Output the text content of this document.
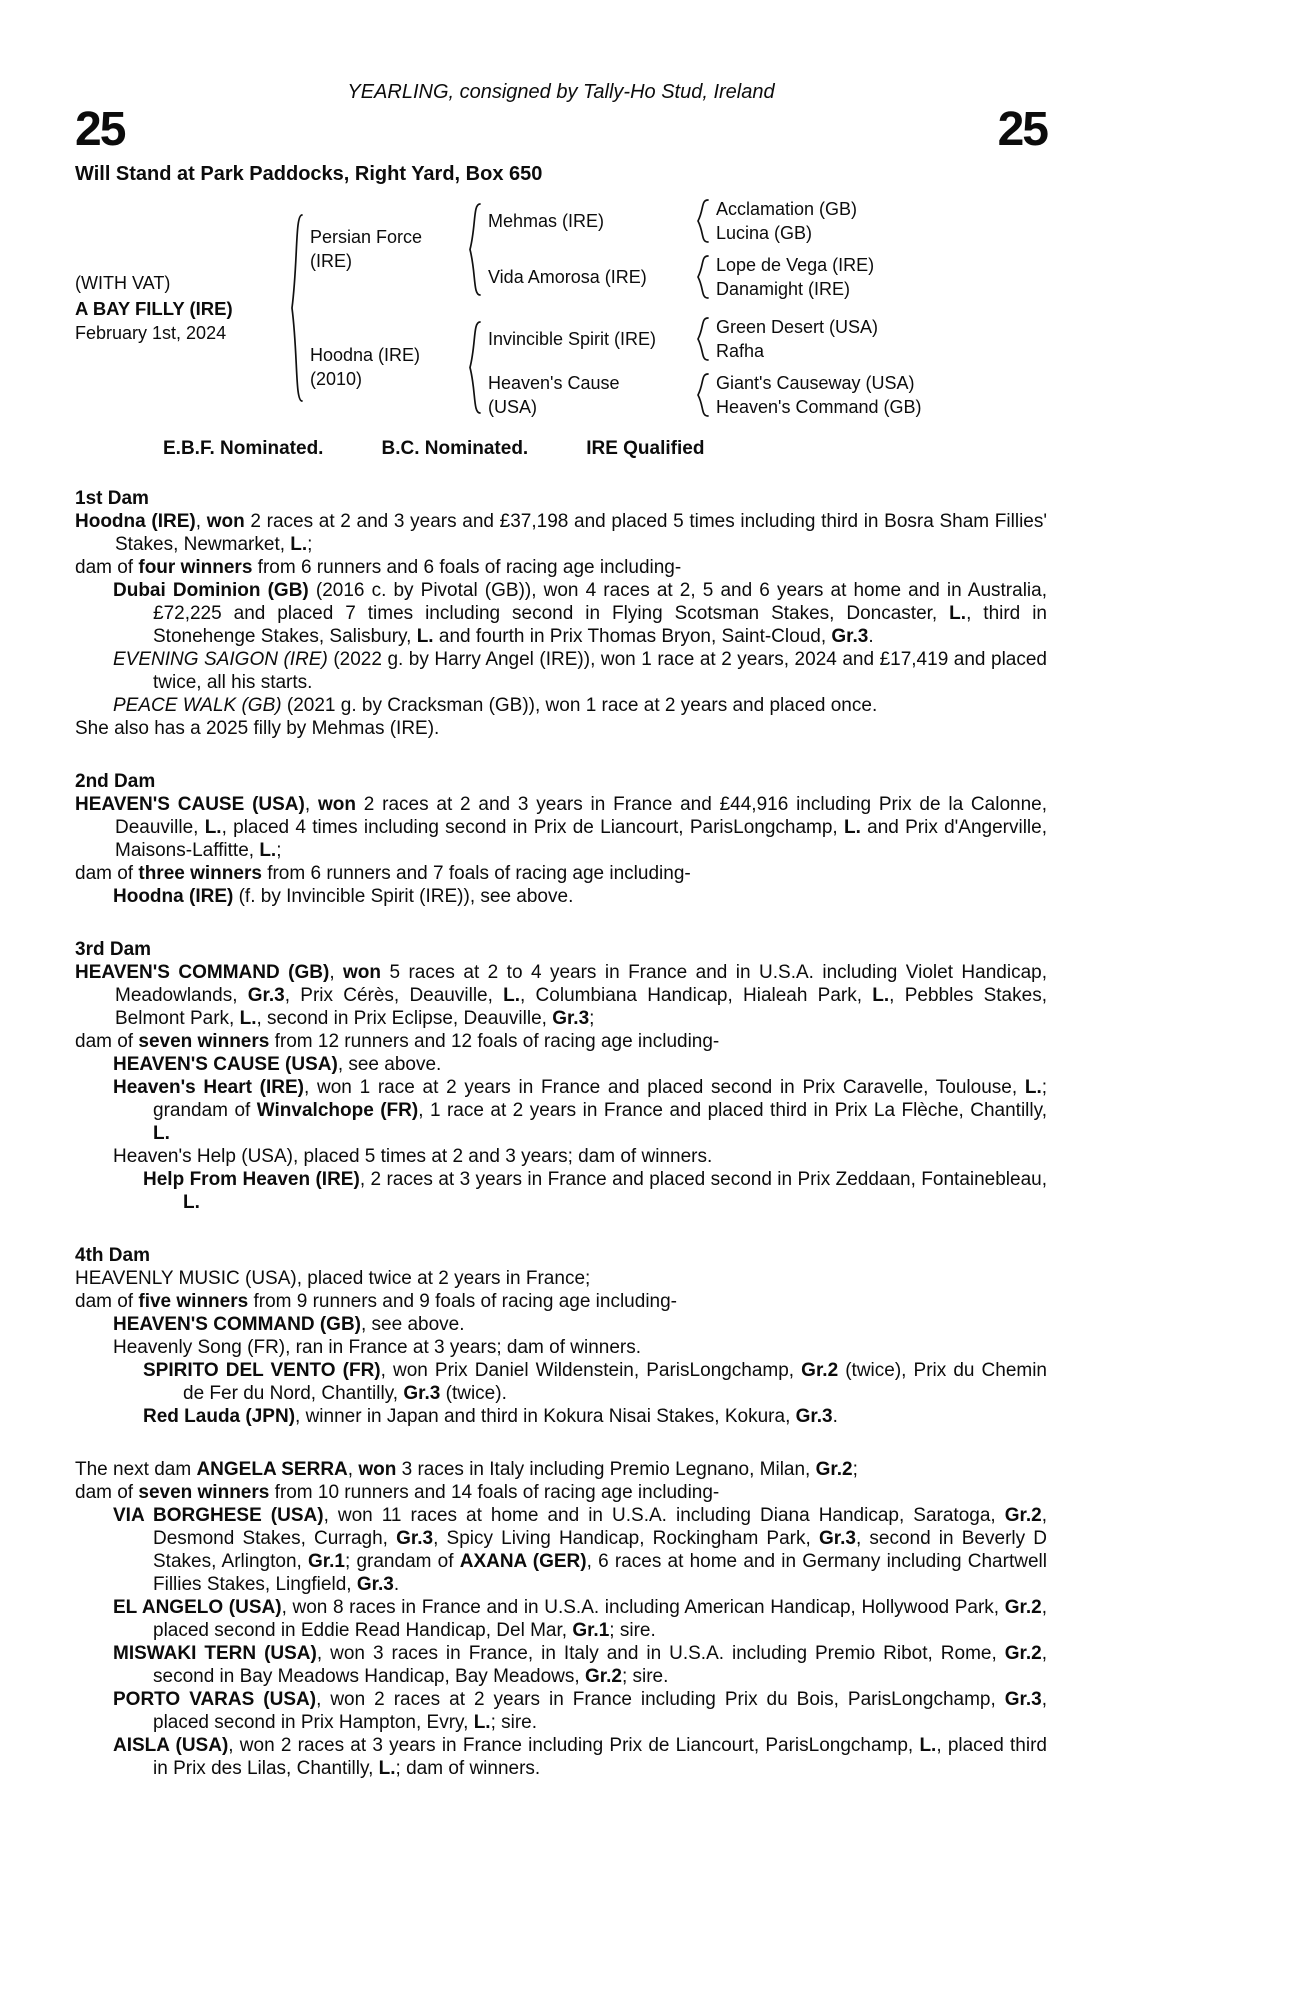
YEARLING, consigned by Tally-Ho Stud, Ireland
25	25
Will Stand at Park Paddocks, Right Yard, Box 650
(WITH VAT)
A BAY FILLY (IRE)
February 1st, 2024
Persian Force
(IRE)
Mehmas (IRE)
Acclamation (GB)
Lucina (GB)
Vida Amorosa (IRE)
Lope de Vega (IRE)
Danamight (IRE)
Hoodna (IRE)
(2010)
Invincible Spirit (IRE)
Green Desert (USA)
Rafha
Heaven's Cause
(USA)
Giant's Causeway (USA)
Heaven's Command (GB)
E.B.F. Nominated.	B.C. Nominated.	IRE Qualified
1st Dam

Hoodna (IRE), won 2 races at 2 and 3 years and £37,198 and placed 5 times including third in Bosra Sham Fillies' Stakes, Newmarket, L.;

dam of four winners from 6 runners and 6 foals of racing age including-

Dubai Dominion (GB) (2016 c. by Pivotal (GB)), won 4 races at 2, 5 and 6 years at home and in Australia, £72,225 and placed 7 times including second in Flying Scotsman Stakes, Doncaster, L., third in Stonehenge Stakes, Salisbury, L. and fourth in Prix Thomas Bryon, Saint-Cloud, Gr.3.

EVENING SAIGON (IRE) (2022 g. by Harry Angel (IRE)), won 1 race at 2 years, 2024 and £17,419 and placed twice, all his starts.

PEACE WALK (GB) (2021 g. by Cracksman (GB)), won 1 race at 2 years and placed once.

She also has a 2025 filly by Mehmas (IRE).

2nd Dam

HEAVEN'S CAUSE (USA), won 2 races at 2 and 3 years in France and £44,916 including Prix de la Calonne, Deauville, L., placed 4 times including second in Prix de Liancourt, ParisLongchamp, L. and Prix d'Angerville, Maisons-Laffitte, L.;

dam of three winners from 6 runners and 7 foals of racing age including-

Hoodna (IRE) (f. by Invincible Spirit (IRE)), see above.

3rd Dam

HEAVEN'S COMMAND (GB), won 5 races at 2 to 4 years in France and in U.S.A. including Violet Handicap, Meadowlands, Gr.3, Prix Cérès, Deauville, L., Columbiana Handicap, Hialeah Park, L., Pebbles Stakes, Belmont Park, L., second in Prix Eclipse, Deauville, Gr.3;

dam of seven winners from 12 runners and 12 foals of racing age including-

HEAVEN'S CAUSE (USA), see above.

Heaven's Heart (IRE), won 1 race at 2 years in France and placed second in Prix Caravelle, Toulouse, L.; grandam of Winvalchope (FR), 1 race at 2 years in France and placed third in Prix La Flèche, Chantilly, L.

Heaven's Help (USA), placed 5 times at 2 and 3 years; dam of winners.

Help From Heaven (IRE), 2 races at 3 years in France and placed second in Prix Zeddaan, Fontainebleau, L.

4th Dam

HEAVENLY MUSIC (USA), placed twice at 2 years in France;

dam of five winners from 9 runners and 9 foals of racing age including-

HEAVEN'S COMMAND (GB), see above.

Heavenly Song (FR), ran in France at 3 years; dam of winners.

SPIRITO DEL VENTO (FR), won Prix Daniel Wildenstein, ParisLongchamp, Gr.2 (twice), Prix du Chemin de Fer du Nord, Chantilly, Gr.3 (twice).

Red Lauda (JPN), winner in Japan and third in Kokura Nisai Stakes, Kokura, Gr.3.

The next dam ANGELA SERRA, won 3 races in Italy including Premio Legnano, Milan, Gr.2;

dam of seven winners from 10 runners and 14 foals of racing age including-

VIA BORGHESE (USA), won 11 races at home and in U.S.A. including Diana Handicap, Saratoga, Gr.2, Desmond Stakes, Curragh, Gr.3, Spicy Living Handicap, Rockingham Park, Gr.3, second in Beverly D Stakes, Arlington, Gr.1; grandam of AXANA (GER), 6 races at home and in Germany including Chartwell Fillies Stakes, Lingfield, Gr.3.

EL ANGELO (USA), won 8 races in France and in U.S.A. including American Handicap, Hollywood Park, Gr.2, placed second in Eddie Read Handicap, Del Mar, Gr.1; sire.

MISWAKI TERN (USA), won 3 races in France, in Italy and in U.S.A. including Premio Ribot, Rome, Gr.2, second in Bay Meadows Handicap, Bay Meadows, Gr.2; sire.

PORTO VARAS (USA), won 2 races at 2 years in France including Prix du Bois, ParisLongchamp, Gr.3, placed second in Prix Hampton, Evry, L.; sire.

AISLA (USA), won 2 races at 3 years in France including Prix de Liancourt, ParisLongchamp, L., placed third in Prix des Lilas, Chantilly, L.; dam of winners.
